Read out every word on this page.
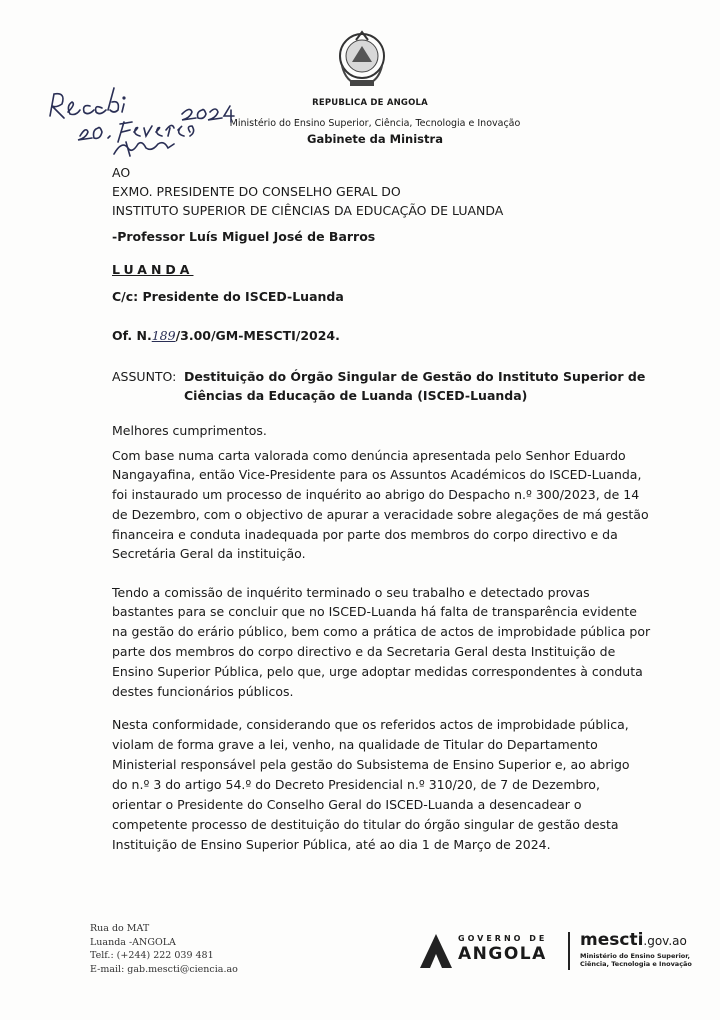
REPUBLICA DE ANGOLA
Ministério do Ensino Superior, Ciência, Tecnologia e Inovação
Gabinete da Ministra
AO
EXMO. PRESIDENTE DO CONSELHO GERAL DO
INSTITUTO SUPERIOR DE CIÊNCIAS DA EDUCAÇÃO DE LUANDA
-Professor Luís Miguel José de Barros
LUANDA
C/c: Presidente do ISCED-Luanda
Of. N.189/3.00/GM-MESCTI/2024.
ASSUNTO: Destituição do Órgão Singular de Gestão do Instituto Superior de
Ciências da Educação de Luanda (ISCED-Luanda)
Melhores cumprimentos.
Com base numa carta valorada como denúncia apresentada pelo Senhor Eduardo
Nangayafina, então Vice-Presidente para os Assuntos Académicos do ISCED-Luanda,
foi instaurado um processo de inquérito ao abrigo do Despacho n.º 300/2023, de 14
de Dezembro, com o objectivo de apurar a veracidade sobre alegações de má gestão
financeira e conduta inadequada por parte dos membros do corpo directivo e da
Secretária Geral da instituição.
Tendo a comissão de inquérito terminado o seu trabalho e detectado provas
bastantes para se concluir que no ISCED-Luanda há falta de transparência evidente
na gestão do erário público, bem como a prática de actos de improbidade pública por
parte dos membros do corpo directivo e da Secretaria Geral desta Instituição de
Ensino Superior Pública, pelo que, urge adoptar medidas correspondentes à conduta
destes funcionários públicos.
Nesta conformidade, considerando que os referidos actos de improbidade pública,
violam de forma grave a lei, venho, na qualidade de Titular do Departamento
Ministerial responsável pela gestão do Subsistema de Ensino Superior e, ao abrigo
do n.º 3 do artigo 54.º do Decreto Presidencial n.º 310/20, de 7 de Dezembro,
orientar o Presidente do Conselho Geral do ISCED-Luanda a desencadear o
competente processo de destituição do titular do órgão singular de gestão desta
Instituição de Ensino Superior Pública, até ao dia 1 de Março de 2024.
Rua do MAT
Luanda -ANGOLA
Telf.: (+244) 222 039 481
E-mail: gab.mescti@ciencia.ao
GOVERNO DE
ANGOLA
mescti.gov.ao
Ministério do Ensino Superior,
Ciência, Tecnologia e Inovação
